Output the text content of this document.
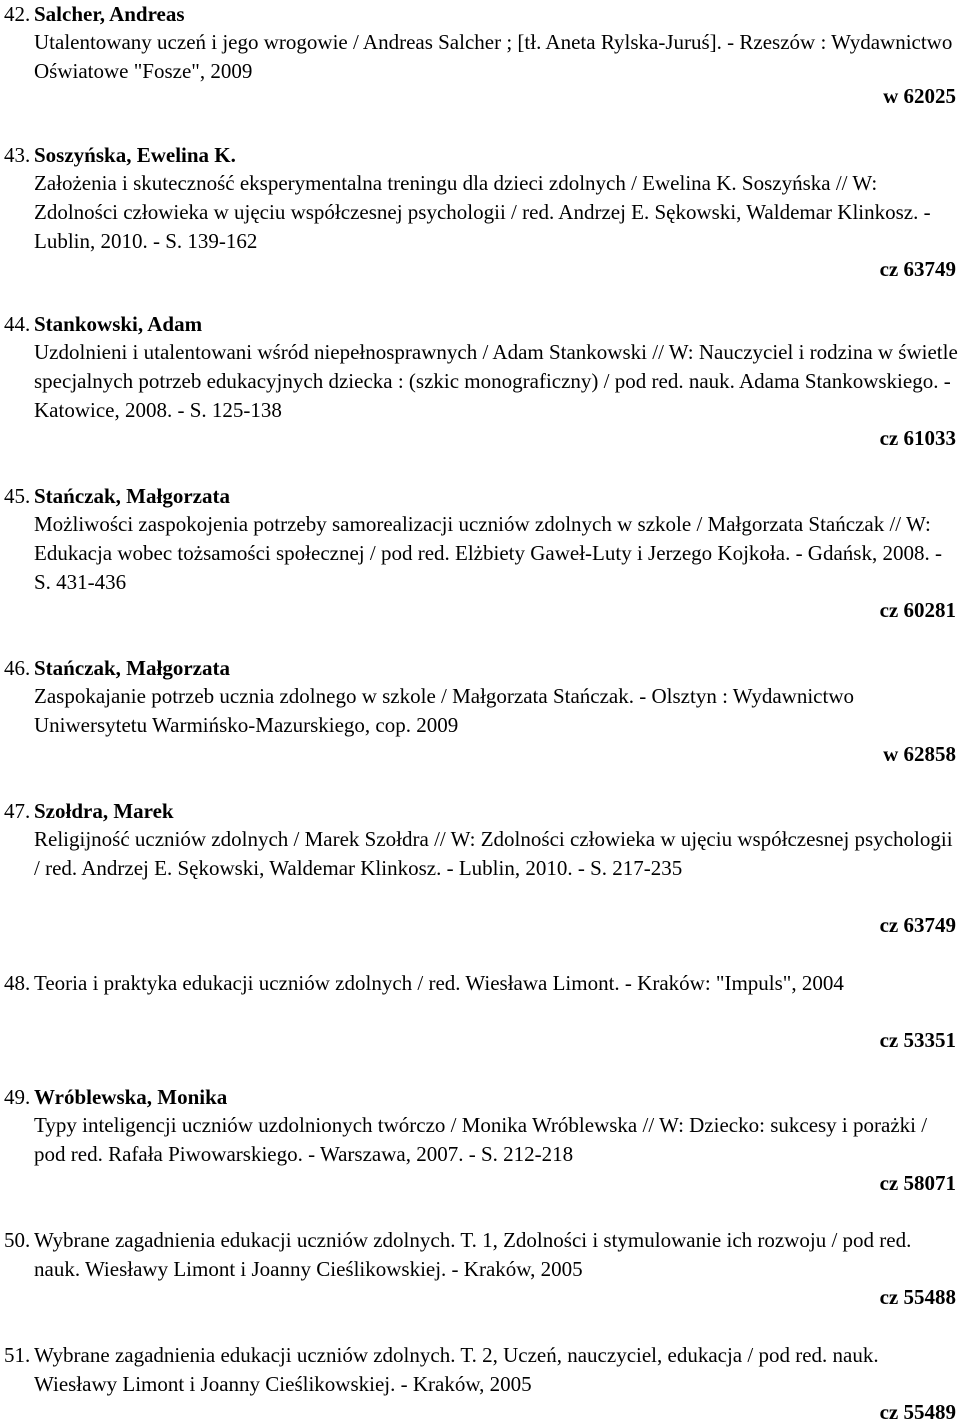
42. Salcher, Andreas

Utalentowany uczeń i jego wrogowie / Andreas Salcher ; [tł. Aneta Rylska-Juruś]. - Rzeszów : Wydawnictwo Oświatowe "Fosze", 2009

w 62025
43. Soszyńska, Ewelina K.

Założenia i skuteczność eksperymentalna treningu dla dzieci zdolnych / Ewelina K. Soszyńska // W: Zdolności człowieka w ujęciu współczesnej psychologii / red. Andrzej E. Sękowski, Waldemar Klinkosz. - Lublin, 2010. - S. 139-162

cz 63749
44. Stankowski, Adam

Uzdolnieni i utalentowani wśród niepełnosprawnych / Adam Stankowski // W: Nauczyciel i rodzina w świetle specjalnych potrzeb edukacyjnych dziecka : (szkic monograficzny) / pod red. nauk. Adama Stankowskiego. - Katowice, 2008. - S. 125-138

cz 61033
45. Stańczak, Małgorzata

Możliwości zaspokojenia potrzeby samorealizacji uczniów zdolnych w szkole / Małgorzata Stańczak // W: Edukacja wobec tożsamości społecznej / pod red. Elżbiety Gaweł-Luty i Jerzego Kojkoła. - Gdańsk, 2008. - S. 431-436

cz 60281
46. Stańczak, Małgorzata

Zaspokajanie potrzeb ucznia zdolnego w szkole / Małgorzata Stańczak. - Olsztyn : Wydawnictwo Uniwersytetu Warmińsko-Mazurskiego, cop. 2009

w 62858
47. Szołdra, Marek

Religijność uczniów zdolnych / Marek Szołdra // W: Zdolności człowieka w ujęciu współczesnej psychologii / red. Andrzej E. Sękowski, Waldemar Klinkosz. - Lublin, 2010. - S. 217-235

cz 63749
48. Teoria i praktyka edukacji uczniów zdolnych / red. Wiesława Limont. - Kraków: "Impuls", 2004

cz 53351
49. Wróblewska, Monika

Typy inteligencji uczniów uzdolnionych twórczo / Monika Wróblewska // W: Dziecko: sukcesy i porażki / pod red. Rafała Piwowarskiego. - Warszawa, 2007. - S. 212-218

cz 58071
50. Wybrane zagadnienia edukacji uczniów zdolnych. T. 1, Zdolności i stymulowanie ich rozwoju / pod red. nauk. Wiesławy Limont i Joanny Cieślikowskiej. - Kraków, 2005

cz 55488
51. Wybrane zagadnienia edukacji uczniów zdolnych. T. 2, Uczeń, nauczyciel, edukacja / pod red. nauk. Wiesławy Limont i Joanny Cieślikowskiej. - Kraków, 2005

cz 55489
